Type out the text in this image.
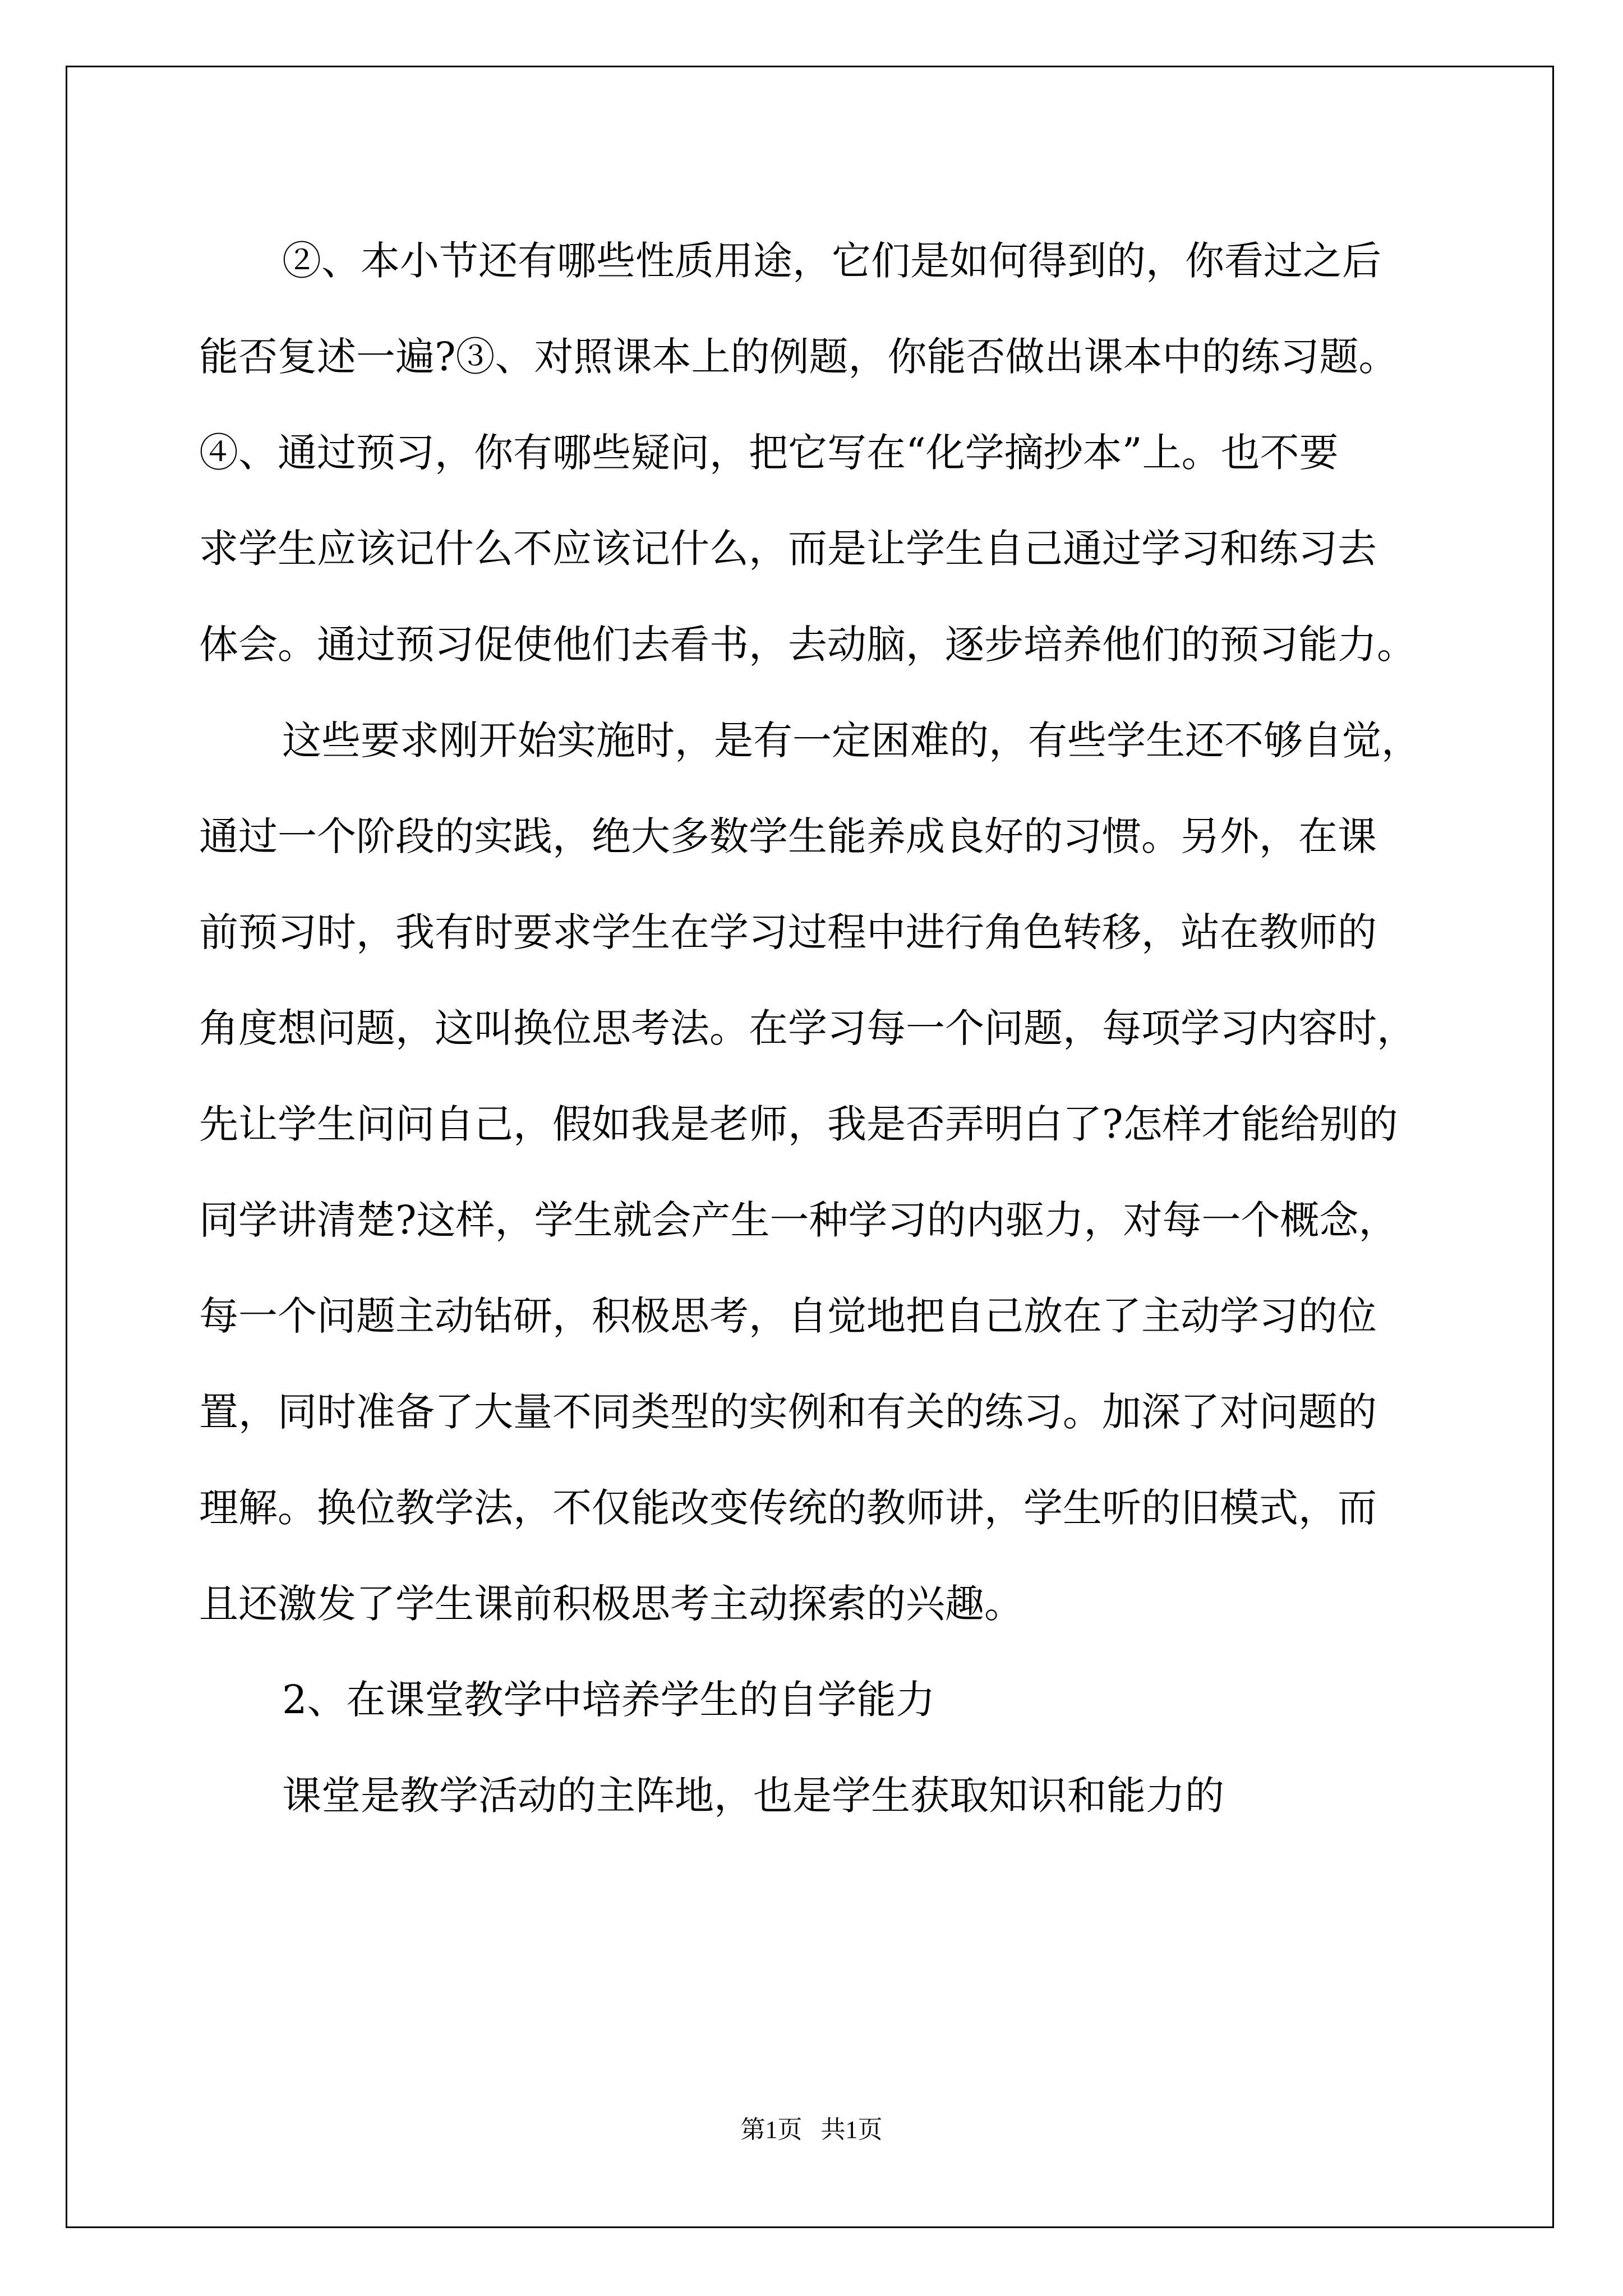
②、本小节还有哪些性质用途，它们是如何得到的，你看过之后
能否复述一遍?③、对照课本上的例题，你能否做出课本中的练习题。
④、通过预习，你有哪些疑问，把它写在“化学摘抄本”上。也不要
求学生应该记什么不应该记什么，而是让学生自己通过学习和练习去
体会。通过预习促使他们去看书，去动脑，逐步培养他们的预习能力。
这些要求刚开始实施时，是有一定困难的，有些学生还不够自觉，
通过一个阶段的实践，绝大多数学生能养成良好的习惯。另外，在课
前预习时，我有时要求学生在学习过程中进行角色转移，站在教师的
角度想问题，这叫换位思考法。在学习每一个问题，每项学习内容时，
先让学生问问自己，假如我是老师，我是否弄明白了?怎样才能给别的
同学讲清楚?这样，学生就会产生一种学习的内驱力，对每一个概念，
每一个问题主动钻研，积极思考，自觉地把自己放在了主动学习的位
置，同时准备了大量不同类型的实例和有关的练习。加深了对问题的
理解。换位教学法，不仅能改变传统的教师讲，学生听的旧模式，而
且还激发了学生课前积极思考主动探索的兴趣。
2、在课堂教学中培养学生的自学能力
课堂是教学活动的主阵地，也是学生获取知识和能力的
第1页   共1页
